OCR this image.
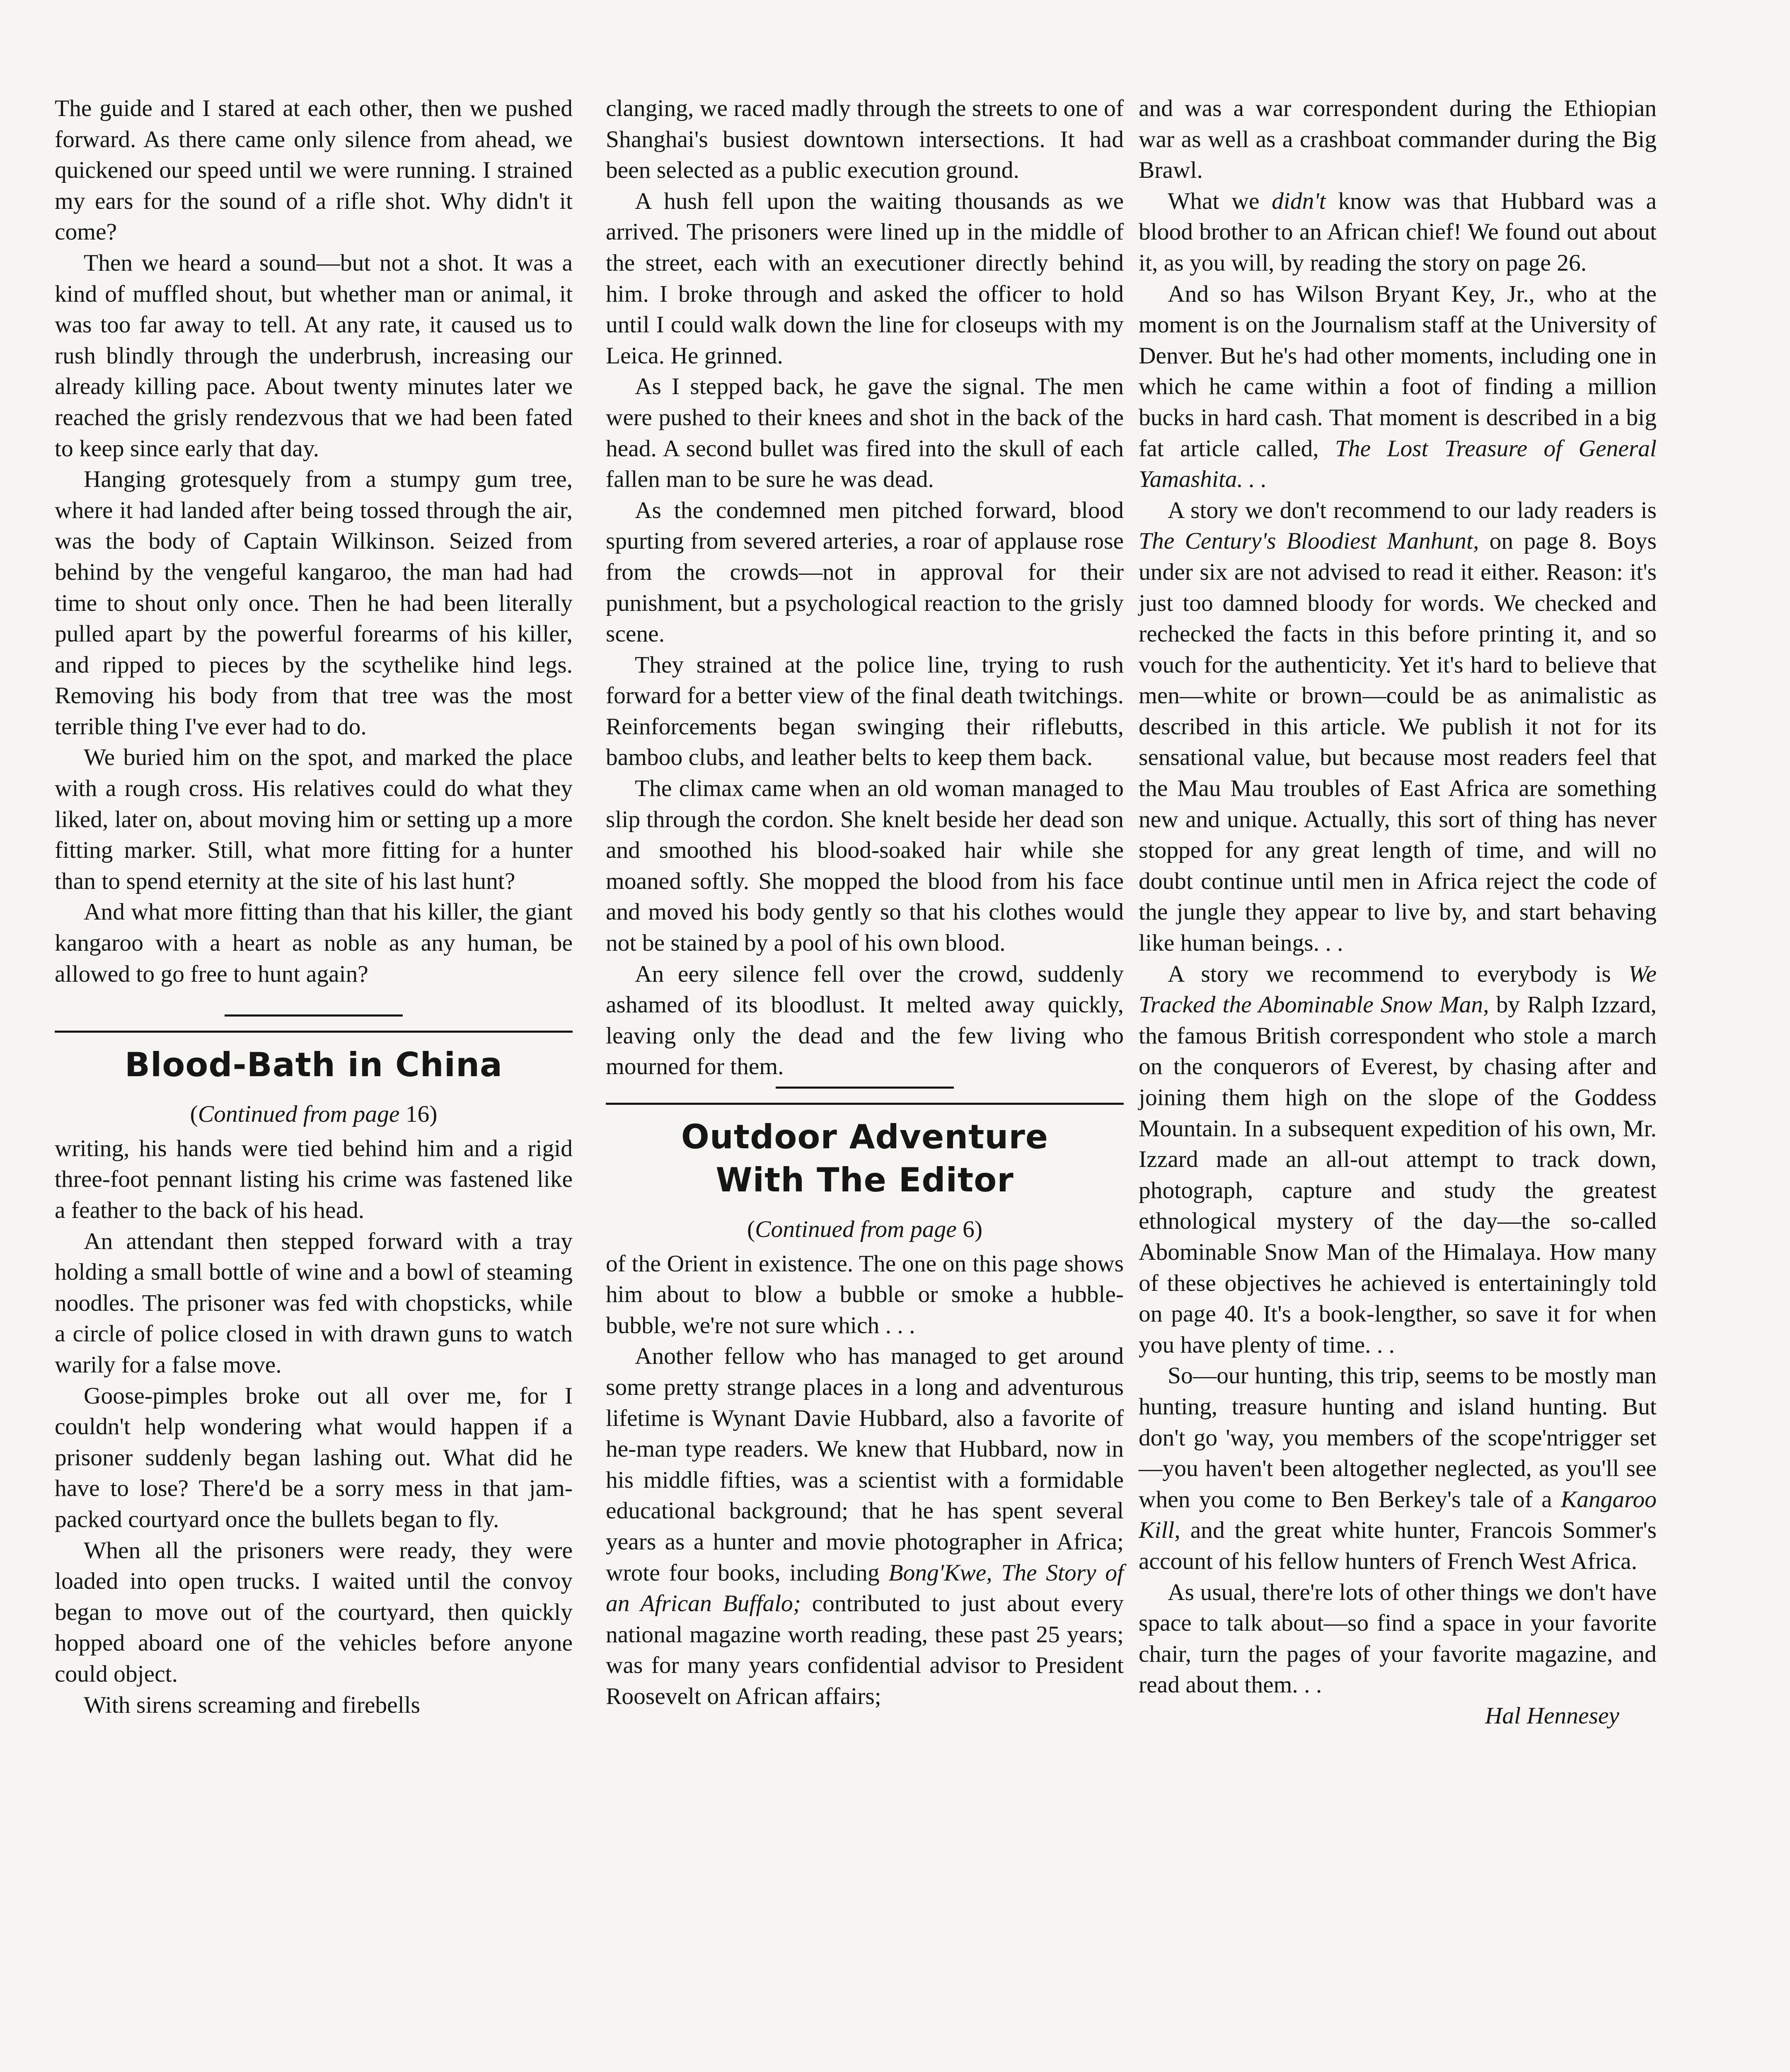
The guide and I stared at each other, then we pushed forward. As there came only silence from ahead, we quickened our speed until we were running. I strained my ears for the sound of a rifle shot. Why didn't it come?

Then we heard a sound—but not a shot. It was a kind of muffled shout, but whether man or animal, it was too far away to tell. At any rate, it caused us to rush blindly through the underbrush, increasing our already killing pace. About twenty minutes later we reached the grisly rendezvous that we had been fated to keep since early that day.

Hanging grotesquely from a stumpy gum tree, where it had landed after being tossed through the air, was the body of Captain Wilkinson. Seized from behind by the vengeful kangaroo, the man had had time to shout only once. Then he had been literally pulled apart by the powerful forearms of his killer, and ripped to pieces by the scythelike hind legs. Removing his body from that tree was the most terrible thing I've ever had to do.

We buried him on the spot, and marked the place with a rough cross. His relatives could do what they liked, later on, about moving him or setting up a more fitting marker. Still, what more fitting for a hunter than to spend eternity at the site of his last hunt?

And what more fitting than that his killer, the giant kangaroo with a heart as noble as any human, be allowed to go free to hunt again?

Blood-Bath in China
(Continued from page 16)

writing, his hands were tied behind him and a rigid three-foot pennant listing his crime was fastened like a feather to the back of his head.

An attendant then stepped forward with a tray holding a small bottle of wine and a bowl of steaming noodles. The prisoner was fed with chopsticks, while a circle of police closed in with drawn guns to watch warily for a false move.

Goose-pimples broke out all over me, for I couldn't help wondering what would happen if a prisoner suddenly began lashing out. What did he have to lose? There'd be a sorry mess in that jam-packed courtyard once the bullets began to fly.

When all the prisoners were ready, they were loaded into open trucks. I waited until the convoy began to move out of the courtyard, then quickly hopped aboard one of the vehicles before anyone could object.

With sirens screaming and firebells

clanging, we raced madly through the streets to one of Shanghai's busiest downtown intersections. It had been selected as a public execution ground.

A hush fell upon the waiting thousands as we arrived. The prisoners were lined up in the middle of the street, each with an executioner directly behind him. I broke through and asked the officer to hold until I could walk down the line for closeups with my Leica. He grinned.

As I stepped back, he gave the signal. The men were pushed to their knees and shot in the back of the head. A second bullet was fired into the skull of each fallen man to be sure he was dead.

As the condemned men pitched forward, blood spurting from severed arteries, a roar of applause rose from the crowds—not in approval for their punishment, but a psychological reaction to the grisly scene.

They strained at the police line, trying to rush forward for a better view of the final death twitchings. Reinforcements began swinging their riflebutts, bamboo clubs, and leather belts to keep them back.

The climax came when an old woman managed to slip through the cordon. She knelt beside her dead son and smoothed his blood-soaked hair while she moaned softly. She mopped the blood from his face and moved his body gently so that his clothes would not be stained by a pool of his own blood.

An eery silence fell over the crowd, suddenly ashamed of its bloodlust. It melted away quickly, leaving only the dead and the few living who mourned for them.

Outdoor Adventure
With The Editor
(Continued from page 6)

of the Orient in existence. The one on this page shows him about to blow a bubble or smoke a hubble-bubble, we're not sure which . . .

Another fellow who has managed to get around some pretty strange places in a long and adventurous lifetime is Wynant Davie Hubbard, also a favorite of he-man type readers. We knew that Hubbard, now in his middle fifties, was a scientist with a formidable educational background; that he has spent several years as a hunter and movie photographer in Africa; wrote four books, including Bong'Kwe, The Story of an African Buffalo; contributed to just about every national magazine worth reading, these past 25 years; was for many years confidential advisor to President Roosevelt on African affairs;

and was a war correspondent during the Ethiopian war as well as a crashboat commander during the Big Brawl.

What we didn't know was that Hubbard was a blood brother to an African chief! We found out about it, as you will, by reading the story on page 26.

And so has Wilson Bryant Key, Jr., who at the moment is on the Journalism staff at the University of Denver. But he's had other moments, including one in which he came within a foot of finding a million bucks in hard cash. That moment is described in a big fat article called, The Lost Treasure of General Yamashita. . .

A story we don't recommend to our lady readers is The Century's Bloodiest Manhunt, on page 8. Boys under six are not advised to read it either. Reason: it's just too damned bloody for words. We checked and rechecked the facts in this before printing it, and so vouch for the authenticity. Yet it's hard to believe that men—white or brown—could be as animalistic as described in this article. We publish it not for its sensational value, but because most readers feel that the Mau Mau troubles of East Africa are something new and unique. Actually, this sort of thing has never stopped for any great length of time, and will no doubt continue until men in Africa reject the code of the jungle they appear to live by, and start behaving like human beings. . .

A story we recommend to everybody is We Tracked the Abominable Snow Man, by Ralph Izzard, the famous British correspondent who stole a march on the conquerors of Everest, by chasing after and joining them high on the slope of the Goddess Mountain. In a subsequent expedition of his own, Mr. Izzard made an all-out attempt to track down, photograph, capture and study the greatest ethnological mystery of the day—the so-called Abominable Snow Man of the Himalaya. How many of these objectives he achieved is entertainingly told on page 40. It's a book-lengther, so save it for when you have plenty of time. . .

So—our hunting, this trip, seems to be mostly man hunting, treasure hunting and island hunting. But don't go 'way, you members of the scope'ntrigger set—you haven't been altogether neglected, as you'll see when you come to Ben Berkey's tale of a Kangaroo Kill, and the great white hunter, Francois Sommer's account of his fellow hunters of French West Africa.

As usual, there're lots of other things we don't have space to talk about—so find a space in your favorite chair, turn the pages of your favorite magazine, and read about them. . .

Hal Hennesey
